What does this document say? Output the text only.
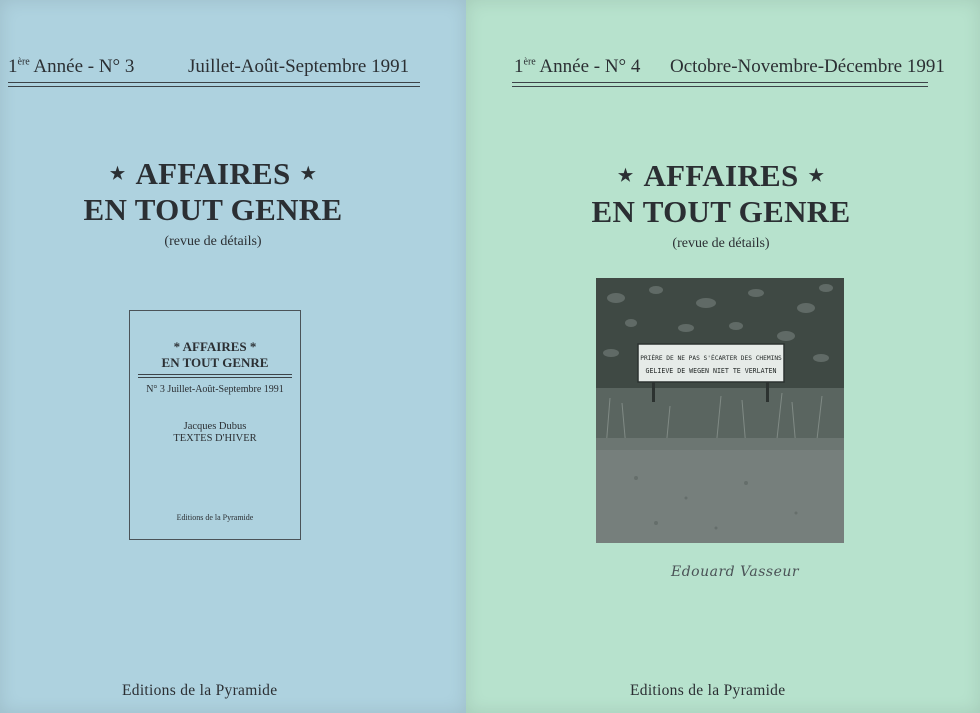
1ère Année - N° 3	Juillet-Août-Septembre 1991
★ AFFAIRES ★
EN TOUT GENRE
(revue de détails)
* AFFAIRES *
EN TOUT GENRE
N° 3 Juillet-Août-Septembre 1991
Jacques Dubus
TEXTES D'HIVER
Editions de la Pyramide
Editions de la Pyramide
1ère Année - N° 4 Octobre-Novembre-Décembre 1991
★ AFFAIRES ★
EN TOUT GENRE
(revue de détails)
PRIÈRE DE NE PAS S'ÉCARTER DES CHEMINS
GELIEVE DE WEGEN NIET TE VERLATEN
Edouard Vasseur
Editions de la Pyramide
